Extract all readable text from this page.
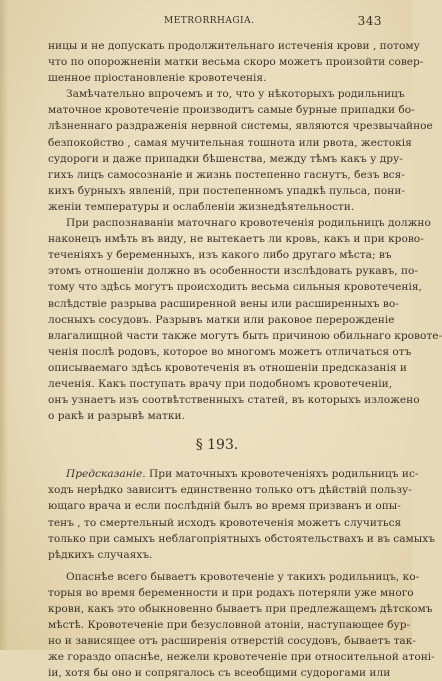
METRORRHAGIA.	343
ницы и не допускать продолжительнаго истеченія крови , потому
что по опорожненіи матки весьма скоро можетъ произойти совер-
шенное пріостановленіе кровотеченія.
Замѣчательно впрочемъ и то, что у нѣкоторыхъ родильницъ
маточное кровотеченіе производитъ самые бурные припадки бо-
лѣзненнаго раздраженія нервной системы, являются чрезвычайное
безпокойство , самая мучительная тошнота или рвота, жестокія
судороги и даже припадки бѣшенства, между тѣмъ какъ у дру-
гихъ лицъ самосознаніе и жизнь постепенно гаснутъ, безъ вся-
кихъ бурныхъ явленій, при постепенномъ упадкѣ пульса, пони-
женіи температуры и ослабленіи жизнедѣятельности.
При распознаваніи маточнаго кровотеченія родильницъ должно
наконецъ имѣть въ виду, не вытекаетъ ли кровь, какъ и при крово-
теченіяхъ у беременныхъ, изъ какого либо другаго мѣста; въ
этомъ отношеніи должно въ особенности изслѣдовать рукавъ, по-
тому что здѣсь могутъ происходить весьма сильныя кровотеченія,
вслѣдствіе разрыва расширенной вены или расширенныхъ во-
лосныхъ сосудовъ. Разрывъ матки или раковое перерожденіе
влагалищной части также могутъ быть причиною обильнаго кровоте-
ченія послѣ родовъ, которое во многомъ можетъ отличаться отъ
описываемаго здѣсь кровотеченія въ отношеніи предсказанія и
леченія. Какъ поступать врачу при подобномъ кровотеченіи,
онъ узнаетъ изъ соотвѣтственныхъ статей, въ которыхъ изложено
о ракѣ и разрывѣ матки.
§ 193.
Предсказаніе. При маточныхъ кровотеченіяхъ родильницъ ис-
ходъ нерѣдко зависитъ единственно только отъ дѣйствій пользу-
ющаго врача и если послѣдній былъ во время призванъ и опы-
тенъ , то смертельный исходъ кровотеченія можетъ случиться
только при самыхъ неблагопріятныхъ обстоятельствахъ и въ самыхъ
рѣдкихъ случаяхъ.
Опаснѣе всего бываетъ кровотеченіе у такихъ родильницъ, ко-
торыя во время беременности и при родахъ потеряли уже много
крови, какъ это обыкновенно бываетъ при предлежащемъ дѣтскомъ
мѣстѣ. Кровотеченіе при безусловной атоніи, наступающее бур-
но и зависящее отъ расширенія отверстій сосудовъ, бываетъ так-
же гораздо опаснѣе, нежели кровотеченіе при относительной атоні-
іи, хотя бы оно и сопрягалось съ всеобщими судорогами или
